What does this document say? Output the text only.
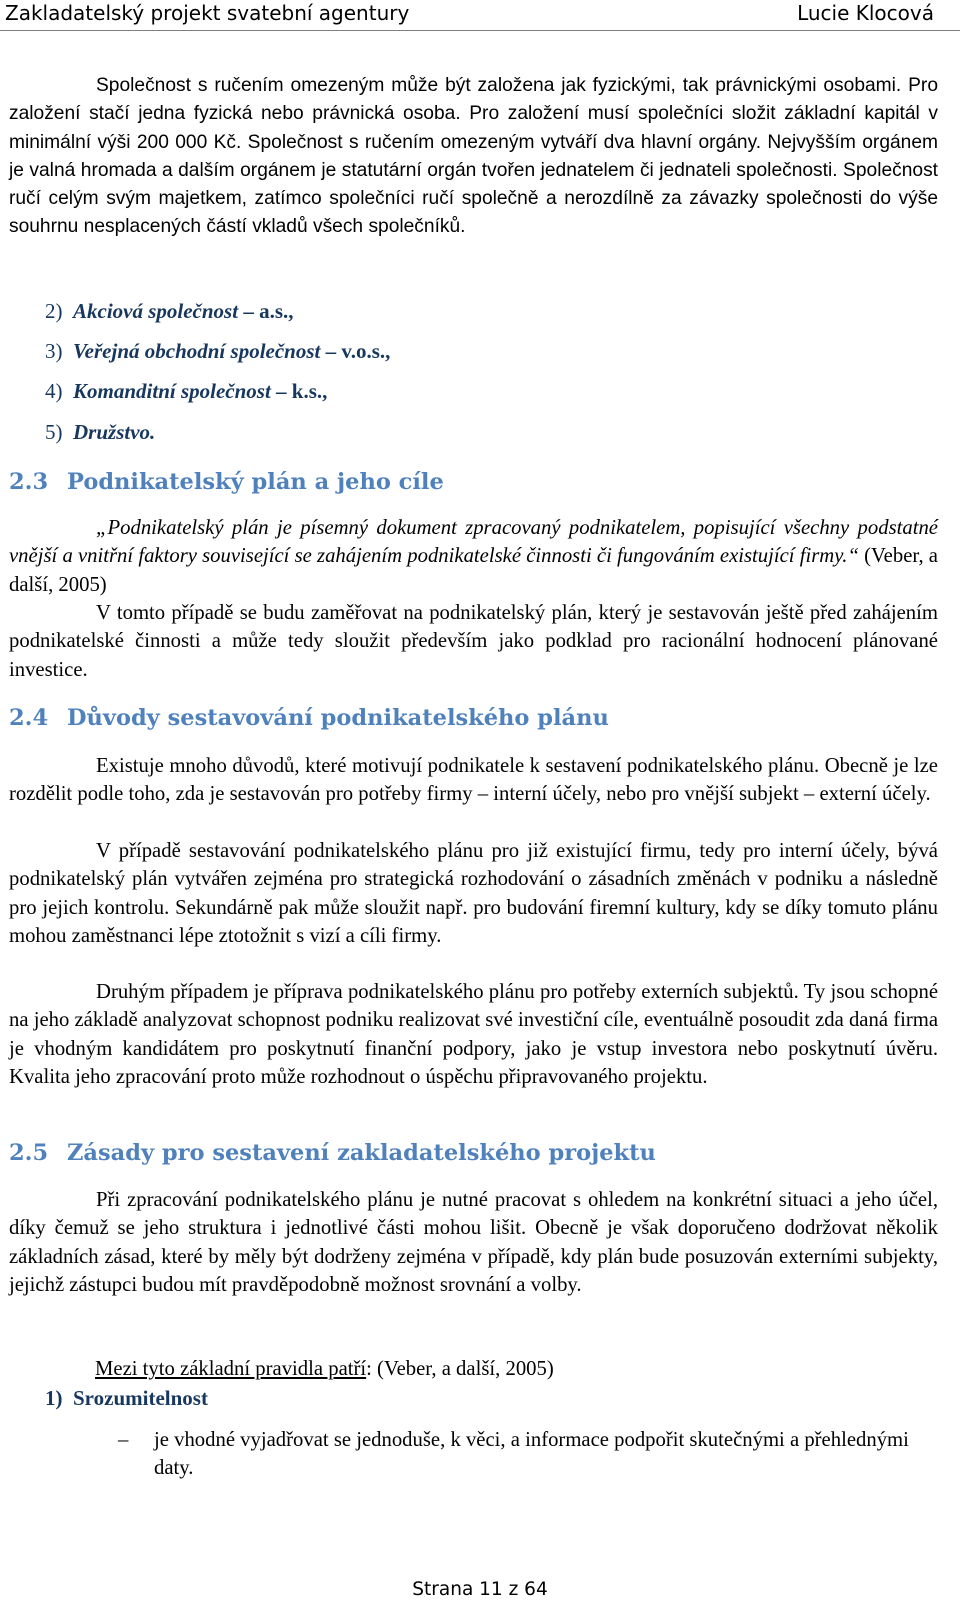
Zakladatelský projekt svatební agentury	Lucie Klocová

Společnost s ručením omezeným může být založena jak fyzickými, tak právnickými osobami. Pro založení stačí jedna fyzická nebo právnická osoba. Pro založení musí společníci složit základní kapitál v minimální výši 200 000 Kč. Společnost s ručením omezeným vytváří dva hlavní orgány. Nejvyšším orgánem je valná hromada a dalším orgánem je statutární orgán tvořen jednatelem či jednateli společnosti. Společnost ručí celým svým majetkem, zatímco společníci ručí společně a nerozdílně za závazky společnosti do výše souhrnu nesplacených částí vkladů všech společníků.

2) Akciová společnost – a.s.,

3) Veřejná obchodní společnost – v.o.s.,

4) Komanditní společnost – k.s.,

5) Družstvo.

2.3 Podnikatelský plán a jeho cíle

„Podnikatelský plán je písemný dokument zpracovaný podnikatelem, popisující všechny podstatné vnější a vnitřní faktory související se zahájením podnikatelské činnosti či fungováním existující firmy.“ (Veber, a další, 2005)

V tomto případě se budu zaměřovat na podnikatelský plán, který je sestavován ještě před zahájením podnikatelské činnosti a může tedy sloužit především jako podklad pro racionální hodnocení plánované investice.

2.4 Důvody sestavování podnikatelského plánu

Existuje mnoho důvodů, které motivují podnikatele k sestavení podnikatelského plánu. Obecně je lze rozdělit podle toho, zda je sestavován pro potřeby firmy – interní účely, nebo pro vnější subjekt – externí účely.

V případě sestavování podnikatelského plánu pro již existující firmu, tedy pro interní účely, bývá podnikatelský plán vytvářen zejména pro strategická rozhodování o zásadních změnách v podniku a následně pro jejich kontrolu. Sekundárně pak může sloužit např. pro budování firemní kultury, kdy se díky tomuto plánu mohou zaměstnanci lépe ztotožnit s vizí a cíli firmy.

Druhým případem je příprava podnikatelského plánu pro potřeby externích subjektů. Ty jsou schopné na jeho základě analyzovat schopnost podniku realizovat své investiční cíle, eventuálně posoudit zda daná firma je vhodným kandidátem pro poskytnutí finanční podpory, jako je vstup investora nebo poskytnutí úvěru. Kvalita jeho zpracování proto může rozhodnout o úspěchu připravovaného projektu.

2.5 Zásady pro sestavení zakladatelského projektu

Při zpracování podnikatelského plánu je nutné pracovat s ohledem na konkrétní situaci a jeho účel, díky čemuž se jeho struktura i jednotlivé části mohou lišit. Obecně je však doporučeno dodržovat několik základních zásad, které by měly být dodrženy zejména v případě, kdy plán bude posuzován externími subjekty, jejichž zástupci budou mít pravděpodobně možnost srovnání a volby.

Mezi tyto základní pravidla patří: (Veber, a další, 2005)

1) Srozumitelnost

– je vhodné vyjadřovat se jednoduše, k věci, a informace podpořit skutečnými a přehlednými daty.

Strana 11 z 64
